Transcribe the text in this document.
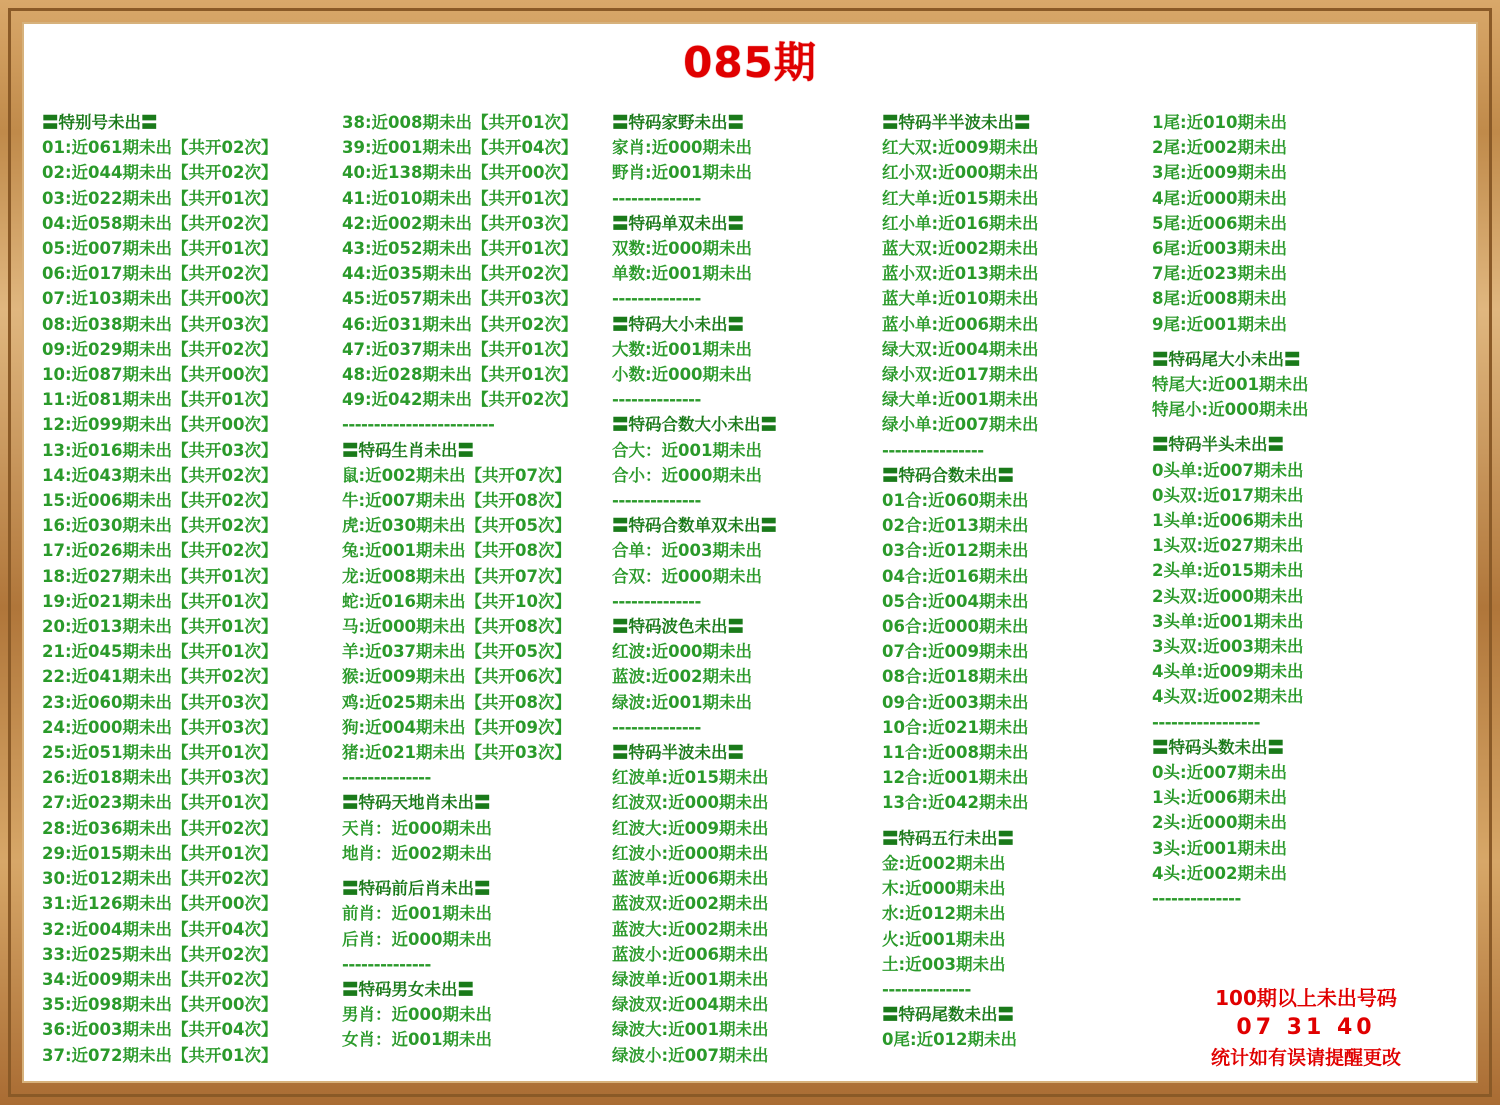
085期
〓特别号未出〓
01:近061期未出【共开02次】
02:近044期未出【共开02次】
03:近022期未出【共开01次】
04:近058期未出【共开02次】
05:近007期未出【共开01次】
06:近017期未出【共开02次】
07:近103期未出【共开00次】
08:近038期未出【共开03次】
09:近029期未出【共开02次】
10:近087期未出【共开00次】
11:近081期未出【共开01次】
12:近099期未出【共开00次】
13:近016期未出【共开03次】
14:近043期未出【共开02次】
15:近006期未出【共开02次】
16:近030期未出【共开02次】
17:近026期未出【共开02次】
18:近027期未出【共开01次】
19:近021期未出【共开01次】
20:近013期未出【共开01次】
21:近045期未出【共开01次】
22:近041期未出【共开02次】
23:近060期未出【共开03次】
24:近000期未出【共开03次】
25:近051期未出【共开01次】
26:近018期未出【共开03次】
27:近023期未出【共开01次】
28:近036期未出【共开02次】
29:近015期未出【共开01次】
30:近012期未出【共开02次】
31:近126期未出【共开00次】
32:近004期未出【共开04次】
33:近025期未出【共开02次】
34:近009期未出【共开02次】
35:近098期未出【共开00次】
36:近003期未出【共开04次】
37:近072期未出【共开01次】
38:近008期未出【共开01次】
39:近001期未出【共开04次】
40:近138期未出【共开00次】
41:近010期未出【共开01次】
42:近002期未出【共开03次】
43:近052期未出【共开01次】
44:近035期未出【共开02次】
45:近057期未出【共开03次】
46:近031期未出【共开02次】
47:近037期未出【共开01次】
48:近028期未出【共开01次】
49:近042期未出【共开02次】
------------------------
〓特码生肖未出〓
鼠:近002期未出【共开07次】
牛:近007期未出【共开08次】
虎:近030期未出【共开05次】
兔:近001期未出【共开08次】
龙:近008期未出【共开07次】
蛇:近016期未出【共开10次】
马:近000期未出【共开08次】
羊:近037期未出【共开05次】
猴:近009期未出【共开06次】
鸡:近025期未出【共开08次】
狗:近004期未出【共开09次】
猪:近021期未出【共开03次】
--------------
〓特码天地肖未出〓
天肖：近000期未出
地肖：近002期未出
〓特码前后肖未出〓
前肖：近001期未出
后肖：近000期未出
--------------
〓特码男女未出〓
男肖：近000期未出
女肖：近001期未出
〓特码家野未出〓
家肖:近000期未出
野肖:近001期未出
--------------
〓特码单双未出〓
双数:近000期未出
单数:近001期未出
--------------
〓特码大小未出〓
大数:近001期未出
小数:近000期未出
--------------
〓特码合数大小未出〓
合大：近001期未出
合小：近000期未出
--------------
〓特码合数单双未出〓
合单：近003期未出
合双：近000期未出
--------------
〓特码波色未出〓
红波:近000期未出
蓝波:近002期未出
绿波:近001期未出
--------------
〓特码半波未出〓
红波单:近015期未出
红波双:近000期未出
红波大:近009期未出
红波小:近000期未出
蓝波单:近006期未出
蓝波双:近002期未出
蓝波大:近002期未出
蓝波小:近006期未出
绿波单:近001期未出
绿波双:近004期未出
绿波大:近001期未出
绿波小:近007期未出
〓特码半半波未出〓
红大双:近009期未出
红小双:近000期未出
红大单:近015期未出
红小单:近016期未出
蓝大双:近002期未出
蓝小双:近013期未出
蓝大单:近010期未出
蓝小单:近006期未出
绿大双:近004期未出
绿小双:近017期未出
绿大单:近001期未出
绿小单:近007期未出
----------------
〓特码合数未出〓
01合:近060期未出
02合:近013期未出
03合:近012期未出
04合:近016期未出
05合:近004期未出
06合:近000期未出
07合:近009期未出
08合:近018期未出
09合:近003期未出
10合:近021期未出
11合:近008期未出
12合:近001期未出
13合:近042期未出
〓特码五行未出〓
金:近002期未出
木:近000期未出
水:近012期未出
火:近001期未出
土:近003期未出
--------------
〓特码尾数未出〓
0尾:近012期未出
1尾:近010期未出
2尾:近002期未出
3尾:近009期未出
4尾:近000期未出
5尾:近006期未出
6尾:近003期未出
7尾:近023期未出
8尾:近008期未出
9尾:近001期未出
〓特码尾大小未出〓
特尾大:近001期未出
特尾小:近000期未出
〓特码半头未出〓
0头单:近007期未出
0头双:近017期未出
1头单:近006期未出
1头双:近027期未出
2头单:近015期未出
2头双:近000期未出
3头单:近001期未出
3头双:近003期未出
4头单:近009期未出
4头双:近002期未出
-----------------
〓特码头数未出〓
0头:近007期未出
1头:近006期未出
2头:近000期未出
3头:近001期未出
4头:近002期未出
--------------
100期以上未出号码
07 31 40
统计如有误请提醒更改
